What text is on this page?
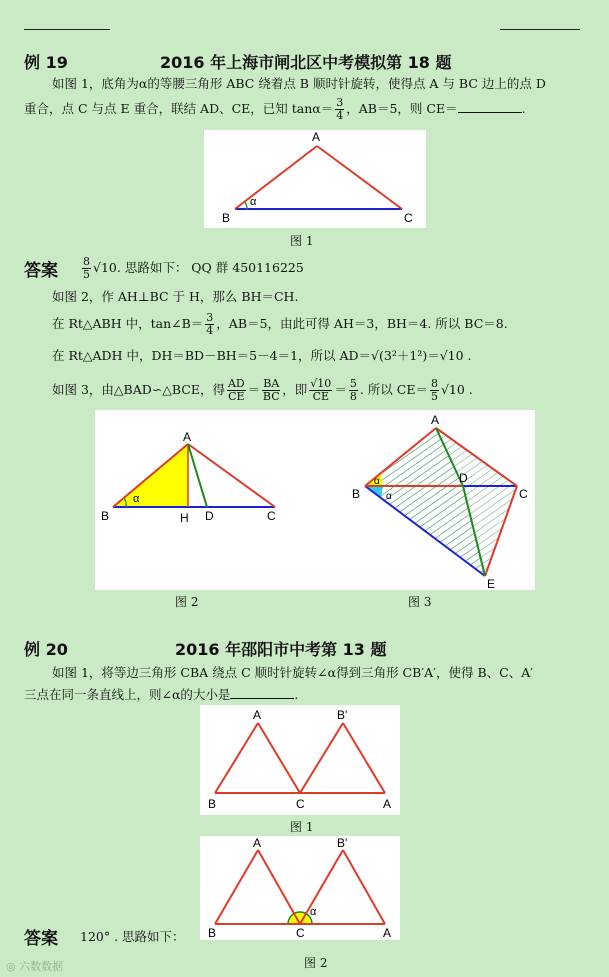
例 19	2016 年上海市闸北区中考模拟第 18 题
如图 1，底角为α的等腰三角形 ABC 绕着点 B 顺时针旋转，使得点 A 与 BC 边上的点 D
重合，点 C 与点 E 重合，联结 AD、CE，已知 $\tan\alpha= \frac{3}{4}$ ，AB＝5，则 CE＝	.
A
B	C
α
图 1
答案 $\frac{8}{5} √10$. 思路如下： QQ 群 450116225
如图 2，作 AH⊥BC 于 H，那么 BH＝CH.
在 Rt△ABH 中，tan∠B＝ $\frac{3}{4}$ ，AB＝5，由此可得 AH＝3，BH＝4. 所以 BC＝8.
在 Rt△ADH 中，DH＝BD－BH＝5－4＝1，所以 AD＝√(3²＋1²)＝√10 .
如图 3，由△BAD∽△BCE，得 $\frac{AD}{CE} = \frac{BA}{BC}$ ，即 $\frac{√10}{CE} = \frac{5}{8}$ . 所以 $CE= \frac{8}{5} √10$ .
A
B	H D	C
α
A
B	C
D
E
α
α
图 2	图 3
例 20	2016 年邵阳市中考第 13 题
如图 1，将等边三角形 CBA 绕点 C 顺时针旋转∠α得到三角形 CB′A′，使得 B、C、A′
三点在同一条直线上，则∠α的大小是	.
A	B'
B	C	A
图 1
A	B'
B	C	A
α
答案 120° . 思路如下：
图 2
◎ 六数数据
